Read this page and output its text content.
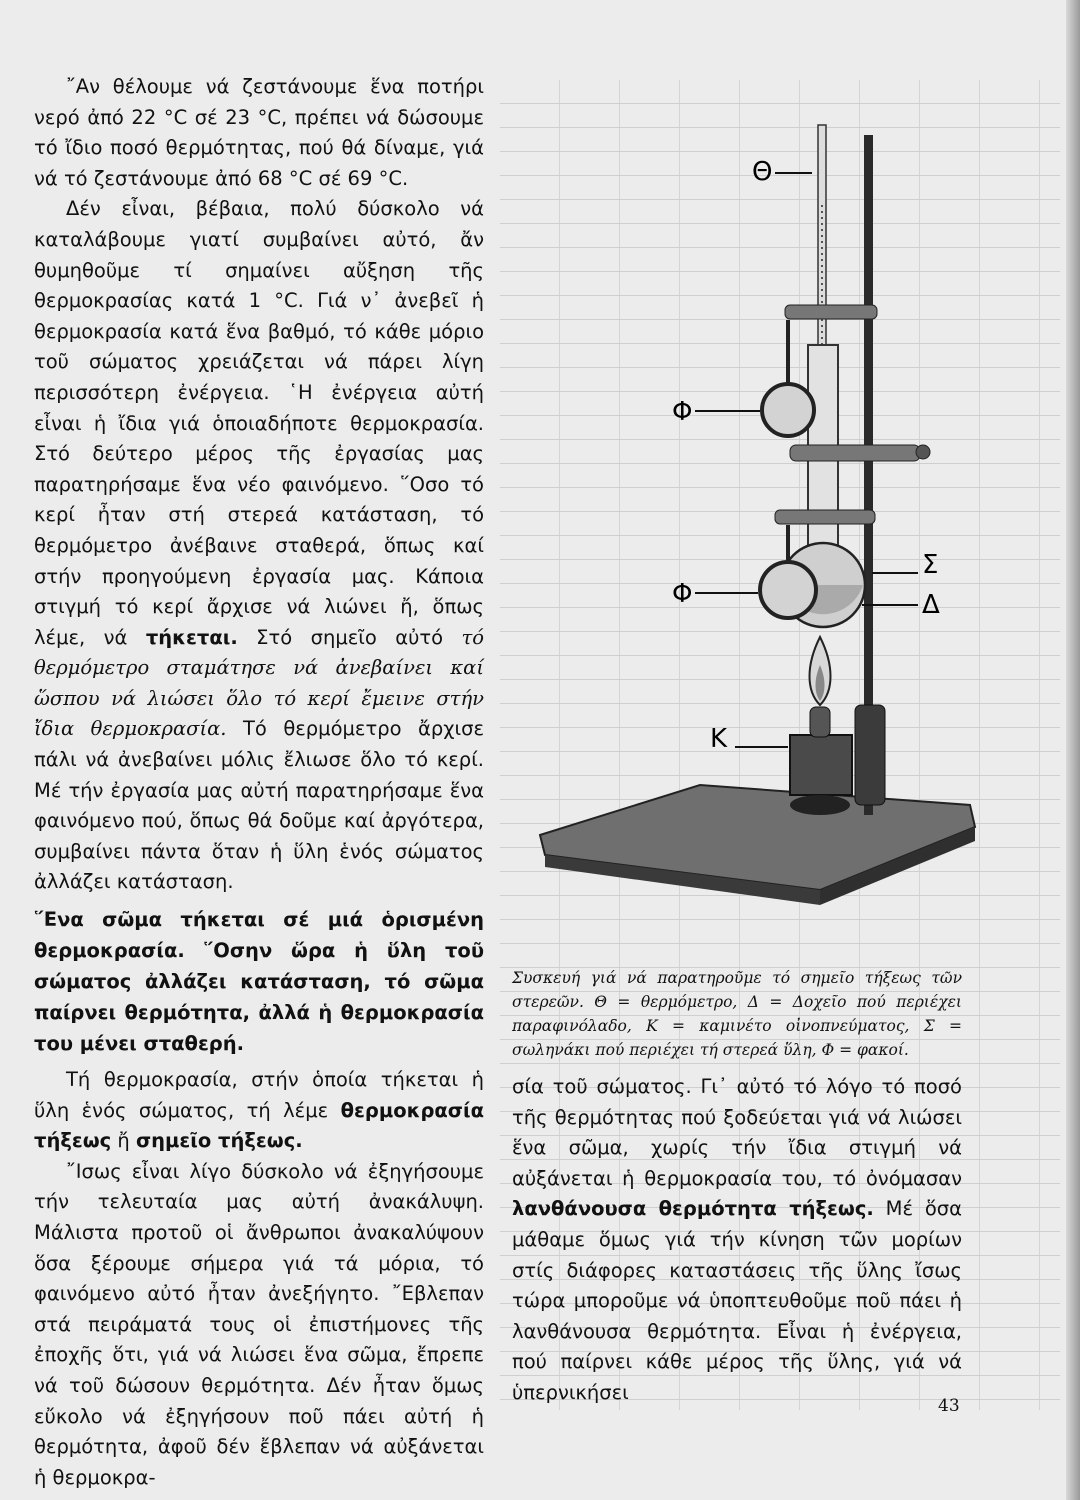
῎Αν θέλουμε νά ζεστάνουμε ἕνα ποτήρι νερό ἀπό 22 °C σέ 23 °C, πρέπει νά δώσουμε τό ἴδιο ποσό θερμότητας, πού θά δίναμε, γιά νά τό ζεστάνουμε ἀπό 68 °C σέ 69 °C.

Δέν εἶναι, βέβαια, πολύ δύσκολο νά καταλάβουμε γιατί συμβαίνει αὐτό, ἄν θυμηθοῦμε τί σημαίνει αὔξηση τῆς θερμοκρασίας κατά 1 °C. Γιά ν᾽ ἀνεβεῖ ἡ θερμοκρασία κατά ἕνα βαθμό, τό κάθε μόριο τοῦ σώματος χρειάζεται νά πάρει λίγη περισσότερη ἐνέργεια. ῾Η ἐνέργεια αὐτή εἶναι ἡ ἴδια γιά ὁποιαδήποτε θερμοκρασία. Στό δεύτερο μέρος τῆς ἐργασίας μας παρατηρήσαμε ἕνα νέο φαινόμενο. ῞Οσο τό κερί ἦταν στή στερεά κατάσταση, τό θερμόμετρο ἀνέβαινε σταθερά, ὅπως καί στήν προηγούμενη ἐργασία μας. Κάποια στιγμή τό κερί ἄρχισε νά λιώνει ἤ, ὅπως λέμε, νά τήκεται. Στό σημεῖο αὐτό τό θερμόμετρο σταμάτησε νά ἀνεβαίνει καί ὥσπου νά λιώσει ὅλο τό κερί ἔμεινε στήν ἴδια θερμοκρασία. Τό θερμόμετρο ἄρχισε πάλι νά ἀνεβαίνει μόλις ἔλιωσε ὅλο τό κερί. Μέ τήν ἐργασία μας αὐτή παρατηρήσαμε ἕνα φαινόμενο πού, ὅπως θά δοῦμε καί ἀργότερα, συμβαίνει πάντα ὅταν ἡ ὕλη ἑνός σώματος ἀλλάζει κατάσταση.

῞Ενα σῶμα τήκεται σέ μιά ὁρισμένη θερμοκρασία. ῞Οσην ὥρα ἡ ὕλη τοῦ σώματος ἀλλάζει κατάσταση, τό σῶμα παίρνει θερμότητα, ἀλλά ἡ θερμοκρασία του μένει σταθερή.

Τή θερμοκρασία, στήν ὁποία τήκεται ἡ ὕλη ἑνός σώματος, τή λέμε θερμοκρασία τήξεως ἤ σημεῖο τήξεως.

῎Ισως εἶναι λίγο δύσκολο νά ἐξηγήσουμε τήν τελευταία μας αὐτή ἀνακάλυψη. Μάλιστα προτοῦ οἱ ἄνθρωποι ἀνακαλύψουν ὅσα ξέρουμε σήμερα γιά τά μόρια, τό φαινόμενο αὐτό ἦταν ἀνεξήγητο. ῎Εβλεπαν στά πειράματά τους οἱ ἐπιστήμονες τῆς ἐποχῆς ὅτι, γιά νά λιώσει ἕνα σῶμα, ἔπρεπε νά τοῦ δώσουν θερμότητα. Δέν ἦταν ὅμως εὔκολο νά ἐξηγήσουν ποῦ πάει αὐτή ἡ θερμότητα, ἀφοῦ δέν ἔβλεπαν νά αὐξάνεται ἡ θερμοκρα-

Θ
Φ
Φ
Σ
Δ
Κ

Συσκευή γιά νά παρατηροῦμε τό σημεῖο τήξεως τῶν στερεῶν. Θ = θερμόμετρο, Δ = Δοχεῖο πού περιέχει παραφινόλαδο, Κ = καμινέτο οἰνοπνεύματος, Σ = σωληνάκι πού περιέχει τή στερεά ὕλη, Φ = φακοί.

σία τοῦ σώματος. Γι᾽ αὐτό τό λόγο τό ποσό τῆς θερμότητας πού ξοδεύεται γιά νά λιώσει ἕνα σῶμα, χωρίς τήν ἴδια στιγμή νά αὐξάνεται ἡ θερμοκρασία του, τό ὀνόμασαν λανθάνουσα θερμότητα τήξεως. Μέ ὅσα μάθαμε ὅμως γιά τήν κίνηση τῶν μορίων στίς διάφορες καταστάσεις τῆς ὕλης ἴσως τώρα μποροῦμε νά ὑποπτευθοῦμε ποῦ πάει ἡ λανθάνουσα θερμότητα. Εἶναι ἡ ἐνέργεια, πού παίρνει κάθε μέρος τῆς ὕλης, γιά νά ὑπερνικήσει

43
